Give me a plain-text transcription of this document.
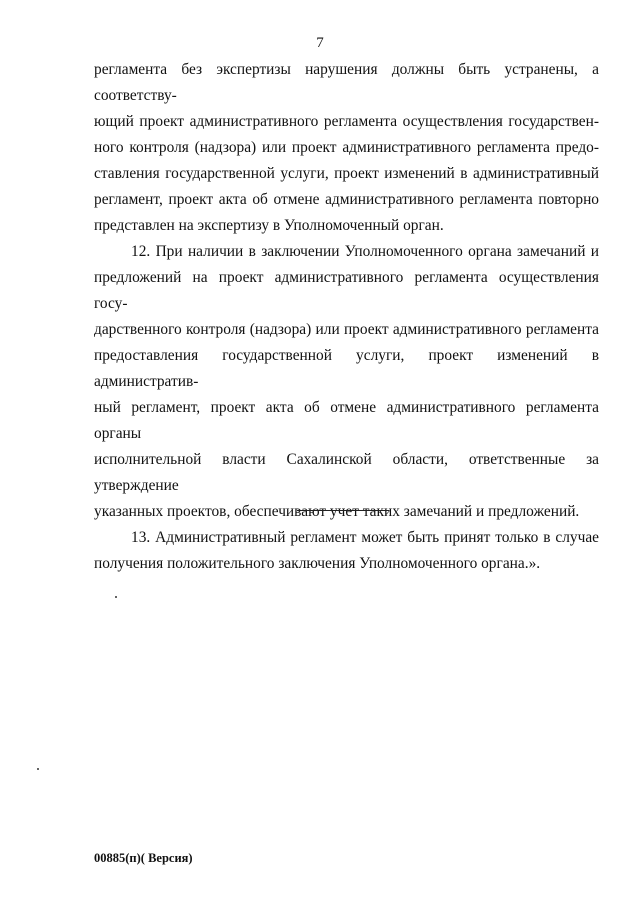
7
регламента без экспертизы нарушения должны быть устранены, а соответству-
ющий проект административного регламента осуществления государствен-
ного контроля (надзора) или проект административного регламента предо-
ставления государственной услуги, проект изменений в административный
регламент, проект акта об отмене административного регламента повторно
представлен на экспертизу в Уполномоченный орган.
12. При наличии в заключении Уполномоченного органа замечаний и
предложений на проект административного регламента осуществления госу-
дарственного контроля (надзора) или проект административного регламента
предоставления государственной услуги, проект изменений в административ-
ный регламент, проект акта об отмене административного регламента органы
исполнительной власти Сахалинской области, ответственные за утверждение
указанных проектов, обеспечивают учет таких замечаний и предложений.
13. Административный регламент может быть принят только в случае
получения положительного заключения Уполномоченного органа.».
00885(п)( Версия)
